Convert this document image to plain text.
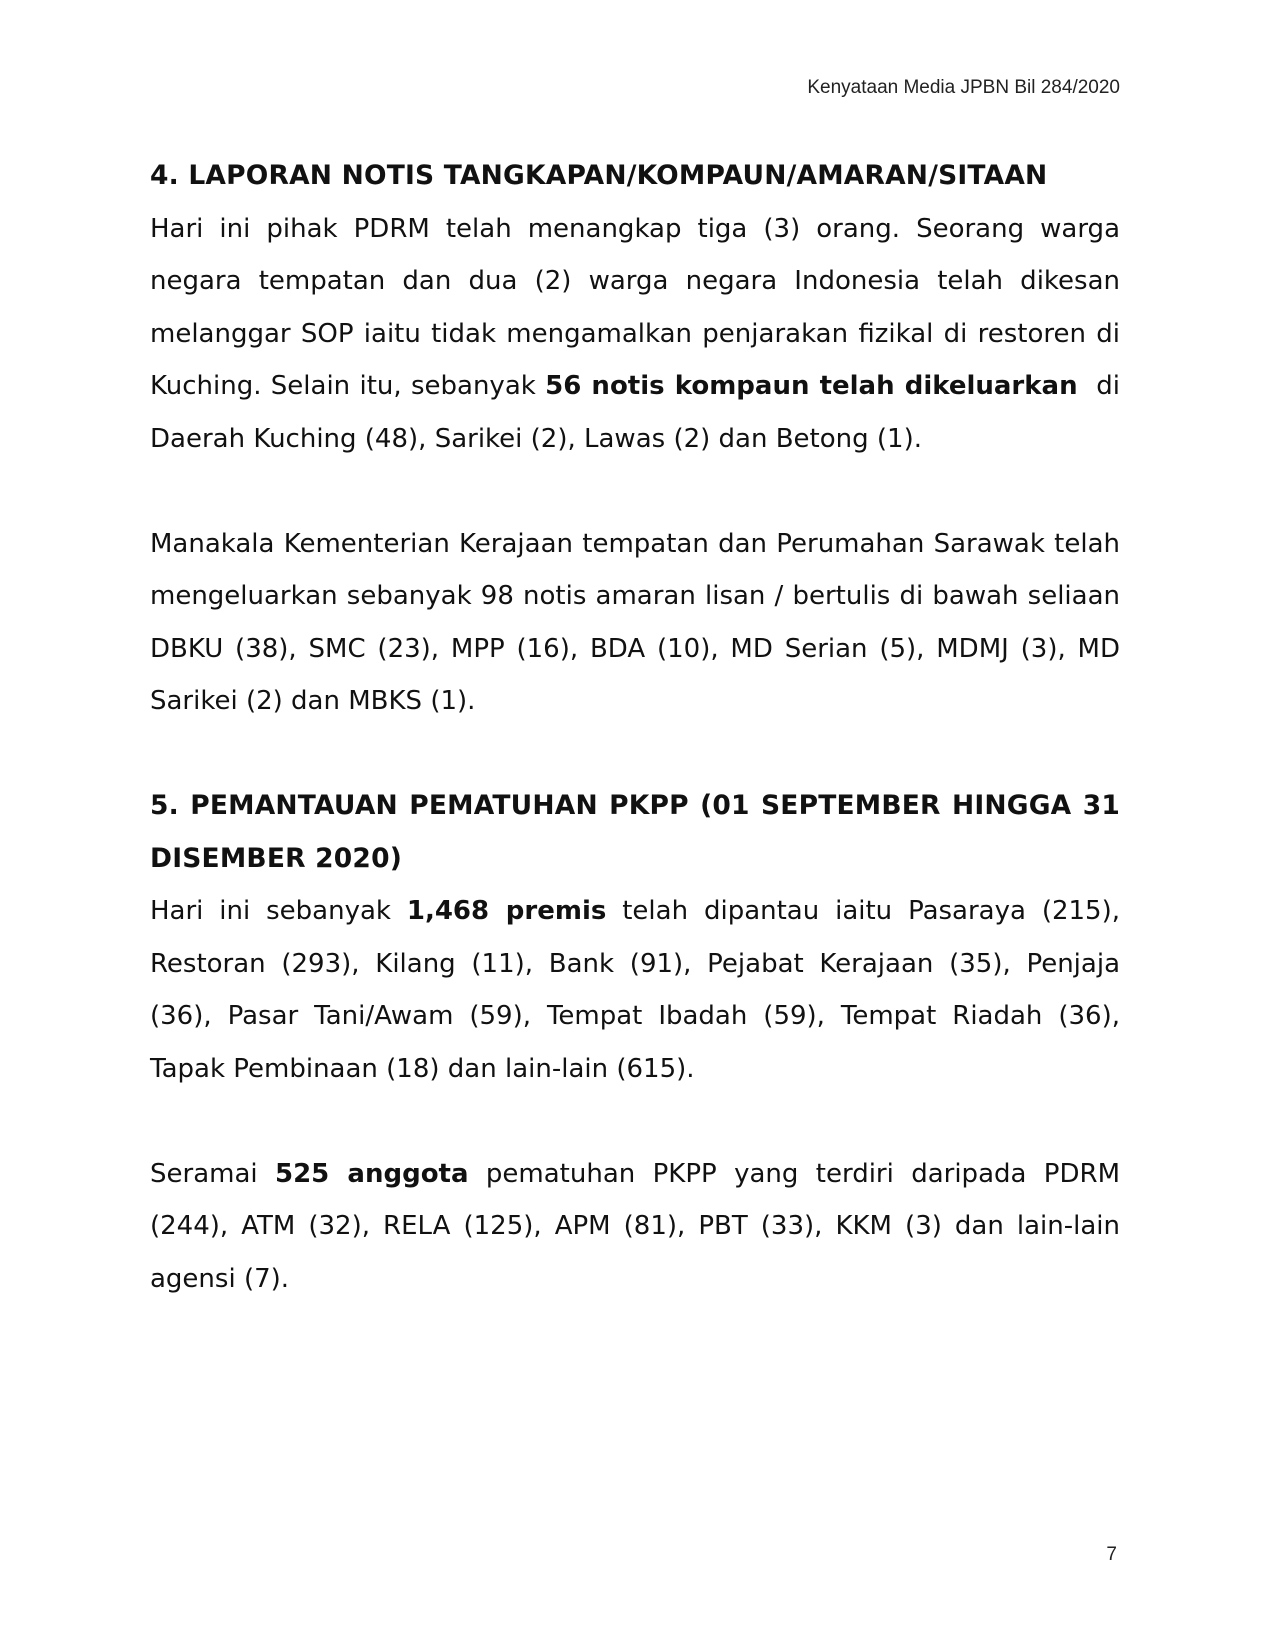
Kenyataan Media JPBN Bil 284/2020

4. LAPORAN NOTIS TANGKAPAN/KOMPAUN/AMARAN/SITAAN

Hari ini pihak PDRM telah menangkap tiga (3) orang. Seorang warga negara tempatan dan dua (2) warga negara Indonesia telah dikesan melanggar SOP iaitu tidak mengamalkan penjarakan fizikal di restoren di Kuching. Selain itu, sebanyak 56 notis kompaun telah dikeluarkan  di Daerah Kuching (48), Sarikei (2), Lawas (2) dan Betong (1).

Manakala Kementerian Kerajaan tempatan dan Perumahan Sarawak telah mengeluarkan sebanyak 98 notis amaran lisan / bertulis di bawah seliaan DBKU (38), SMC (23), MPP (16), BDA (10), MD Serian (5), MDMJ (3), MD Sarikei (2) dan MBKS (1).

5. PEMANTAUAN PEMATUHAN PKPP (01 SEPTEMBER HINGGA 31 DISEMBER 2020)

Hari ini sebanyak 1,468 premis telah dipantau iaitu Pasaraya (215), Restoran (293), Kilang (11), Bank (91), Pejabat Kerajaan (35), Penjaja (36), Pasar Tani/Awam (59), Tempat Ibadah (59), Tempat Riadah (36), Tapak Pembinaan (18) dan lain-lain (615).

Seramai 525 anggota pematuhan PKPP yang terdiri daripada PDRM (244), ATM (32), RELA (125), APM (81), PBT (33), KKM (3) dan lain-lain agensi (7).

7
